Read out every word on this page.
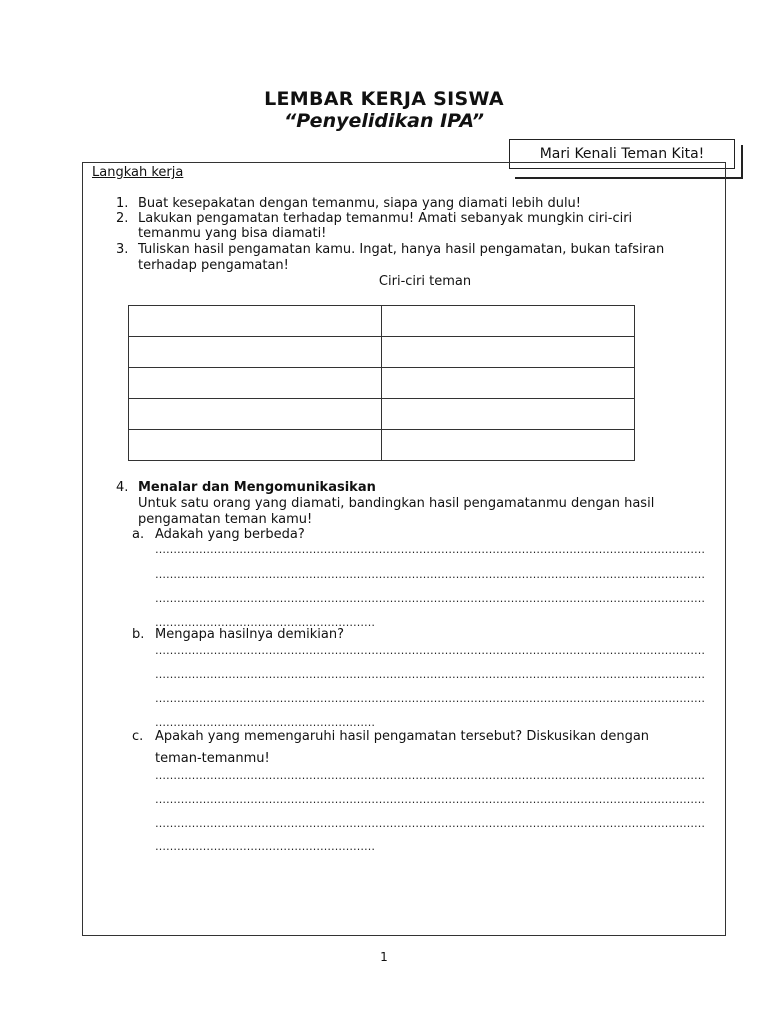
LEMBAR KERJA SISWA
“Penyelidikan IPA”
Mari Kenali Teman Kita!
Langkah kerja
1. Buat kesepakatan dengan temanmu, siapa yang diamati lebih dulu!
2. Lakukan pengamatan terhadap temanmu! Amati sebanyak mungkin ciri-ciri
temanmu yang bisa diamati!
3. Tuliskan hasil pengamatan kamu. Ingat, hanya hasil pengamatan, bukan tafsiran
terhadap pengamatan!
Ciri-ciri teman

4. Menalar dan Mengomunikasikan
Untuk satu orang yang diamati, bandingkan hasil pengamatanmu dengan hasil
pengamatan teman kamu!
a. Adakah yang berbeda?
……………………………………………………………………………………………………………………………………
……………………………………………………………………………………………………………………………………
……………………………………………………………………………………………………………………………………
……………………………………………………
b. Mengapa hasilnya demikian?
……………………………………………………………………………………………………………………………………
……………………………………………………………………………………………………………………………………
……………………………………………………………………………………………………………………………………
……………………………………………………
c. Apakah yang memengaruhi hasil pengamatan tersebut? Diskusikan dengan
teman-temanmu!
……………………………………………………………………………………………………………………………………
……………………………………………………………………………………………………………………………………
……………………………………………………………………………………………………………………………………
……………………………………………………
1
